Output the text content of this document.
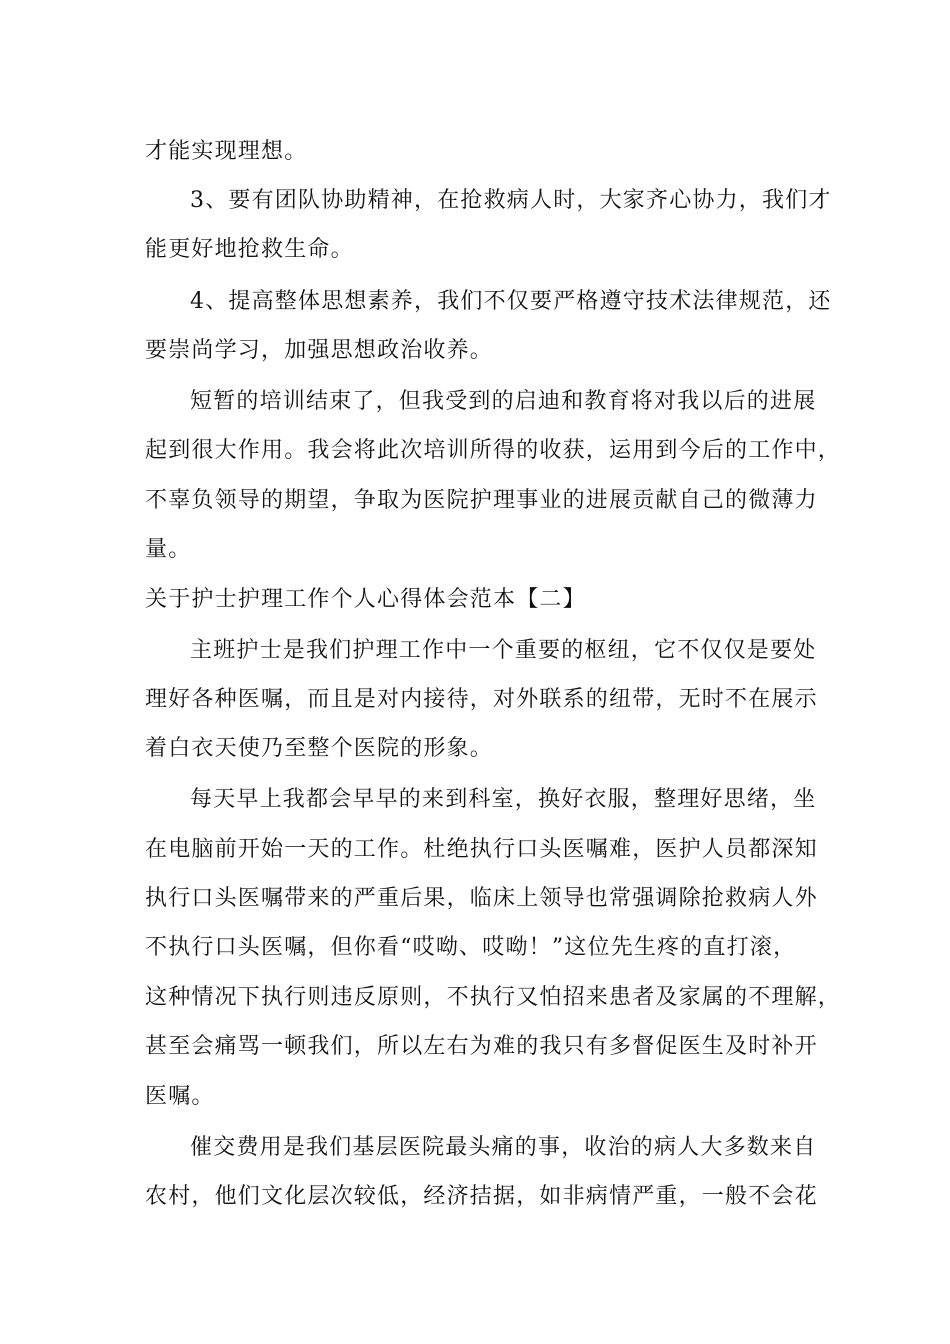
才能实现理想。
3、要有团队协助精神，在抢救病人时，大家齐心协力，我们才
能更好地抢救生命。
4、提高整体思想素养，我们不仅要严格遵守技术法律规范，还
要崇尚学习，加强思想政治收养。
短暂的培训结束了，但我受到的启迪和教育将对我以后的进展
起到很大作用。我会将此次培训所得的收获，运用到今后的工作中，
不辜负领导的期望，争取为医院护理事业的进展贡献自己的微薄力
量。
关于护士护理工作个人心得体会范本【二】
主班护士是我们护理工作中一个重要的枢纽，它不仅仅是要处
理好各种医嘱，而且是对内接待，对外联系的纽带，无时不在展示
着白衣天使乃至整个医院的形象。
每天早上我都会早早的来到科室，换好衣服，整理好思绪，坐
在电脑前开始一天的工作。杜绝执行口头医嘱难，医护人员都深知
执行口头医嘱带来的严重后果，临床上领导也常强调除抢救病人外
不执行口头医嘱，但你看“哎呦、哎呦！”这位先生疼的直打滚，
这种情况下执行则违反原则，不执行又怕招来患者及家属的不理解，
甚至会痛骂一顿我们，所以左右为难的我只有多督促医生及时补开
医嘱。
催交费用是我们基层医院最头痛的事，收治的病人大多数来自
农村，他们文化层次较低，经济拮据，如非病情严重，一般不会花
